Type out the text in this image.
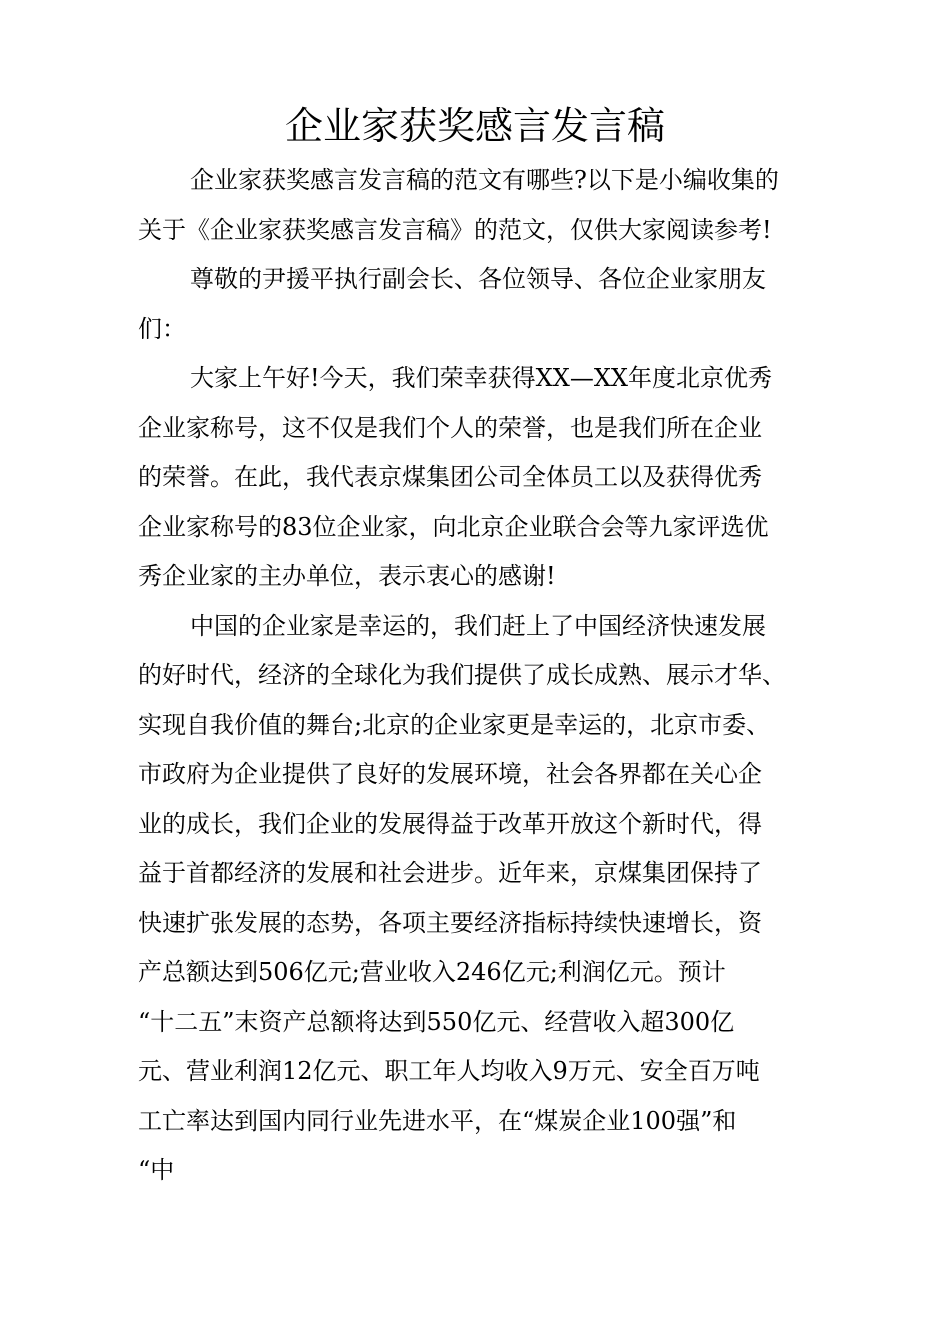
企业家获奖感言发言稿

企业家获奖感言发言稿的范文有哪些?以下是小编收集的
关于《企业家获奖感言发言稿》的范文，仅供大家阅读参考!

尊敬的尹援平执行副会长、各位领导、各位企业家朋友
们：

大家上午好!今天，我们荣幸获得XX—XX年度北京优秀
企业家称号，这不仅是我们个人的荣誉，也是我们所在企业
的荣誉。在此，我代表京煤集团公司全体员工以及获得优秀
企业家称号的83位企业家，向北京企业联合会等九家评选优
秀企业家的主办单位，表示衷心的感谢!

中国的企业家是幸运的，我们赶上了中国经济快速发展
的好时代，经济的全球化为我们提供了成长成熟、展示才华、
实现自我价值的舞台;北京的企业家更是幸运的，北京市委、
市政府为企业提供了良好的发展环境，社会各界都在关心企
业的成长，我们企业的发展得益于改革开放这个新时代，得
益于首都经济的发展和社会进步。近年来，京煤集团保持了
快速扩张发展的态势，各项主要经济指标持续快速增长，资
产总额达到506亿元;营业收入246亿元;利润亿元。预计
“十二五”末资产总额将达到550亿元、经营收入超300亿
元、营业利润12亿元、职工年人均收入9万元、安全百万吨
工亡率达到国内同行业先进水平，在“煤炭企业100强”和
“中
